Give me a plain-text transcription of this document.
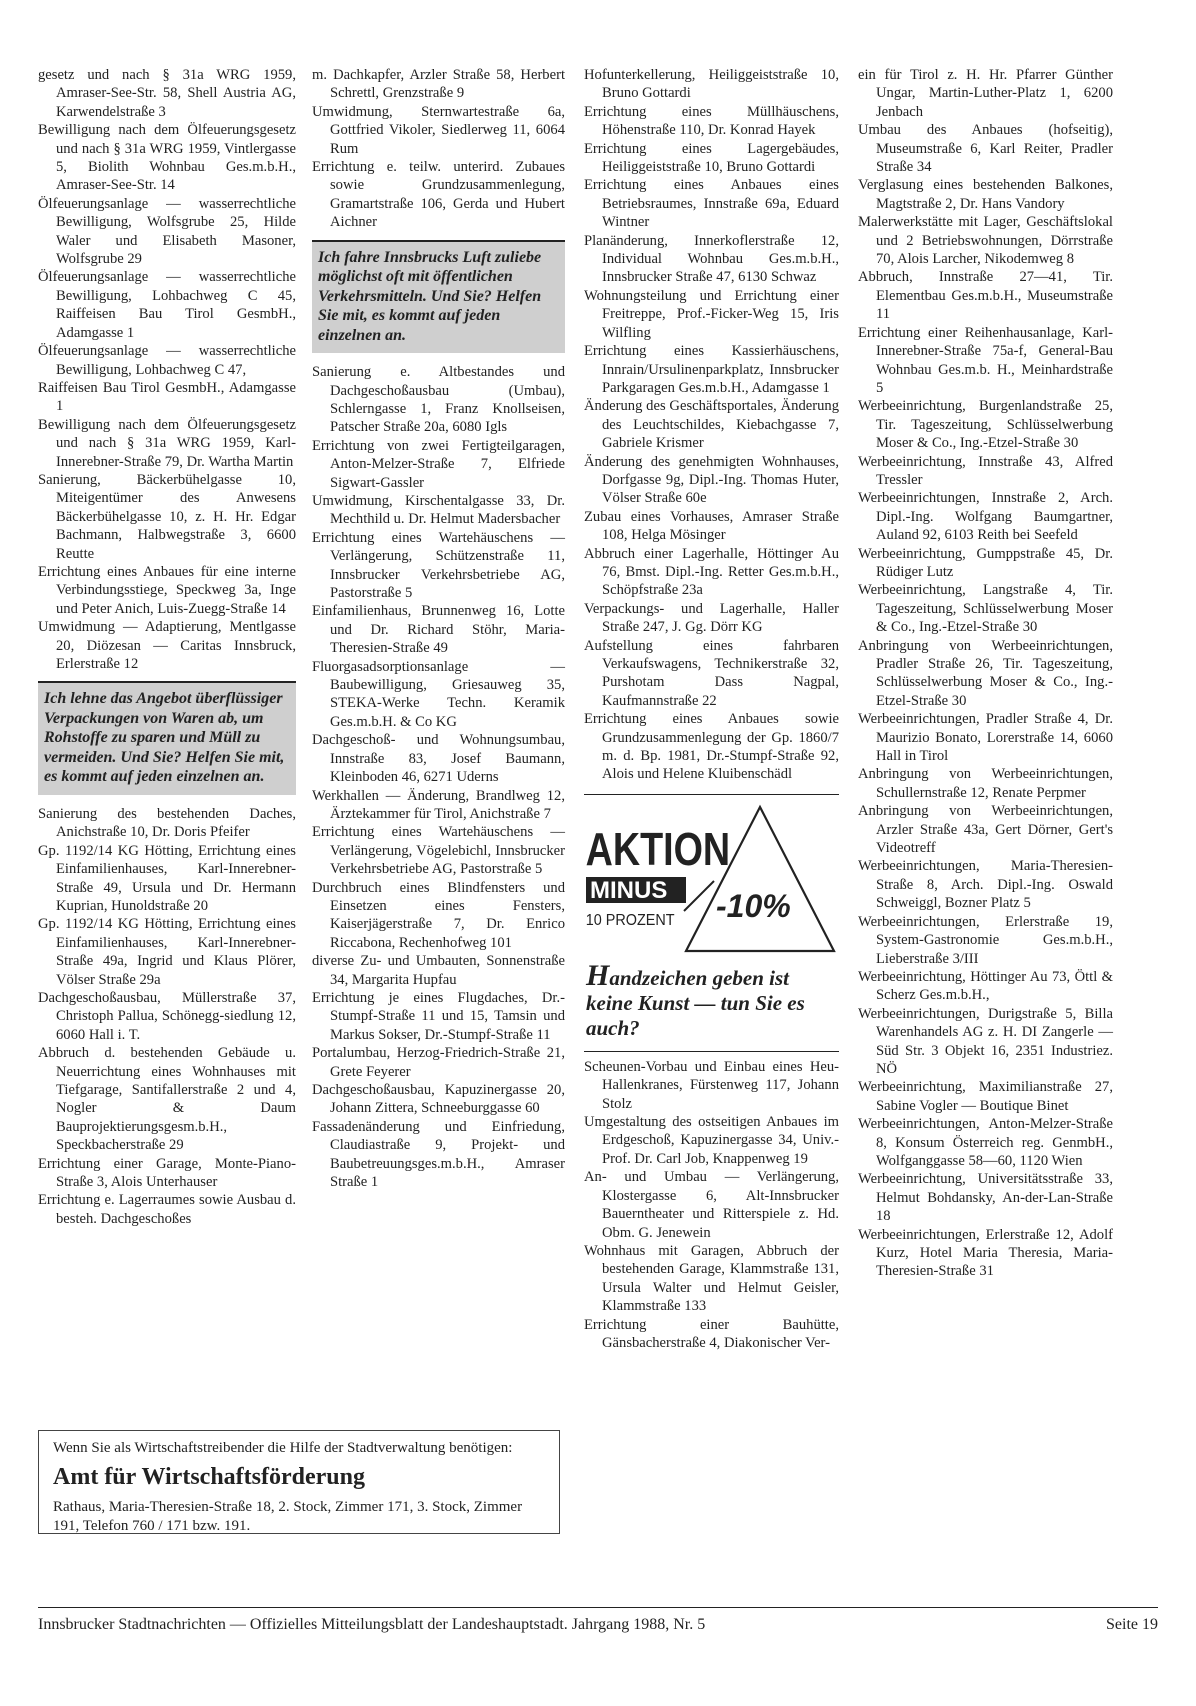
gesetz und nach § 31a WRG 1959, Amraser-See-Str. 58, Shell Austria AG, Karwendelstraße 3
Bewilligung nach dem Ölfeuerungsgesetz und nach § 31a WRG 1959, Vintlergasse 5, Biolith Wohnbau Ges.m.b.H., Amraser-See-Str. 14
Ölfeuerungsanlage — wasserrechtliche Bewilligung, Wolfsgrube 25, Hilde Waler und Elisabeth Masoner, Wolfsgrube 29
Ölfeuerungsanlage — wasserrechtliche Bewilligung, Lohbachweg C 45, Raiffeisen Bau Tirol GesmbH., Adamgasse 1
Ölfeuerungsanlage — wasserrechtliche Bewilligung, Lohbachweg C 47,
Raiffeisen Bau Tirol GesmbH., Adamgasse 1
Bewilligung nach dem Ölfeuerungsgesetz und nach § 31a WRG 1959, Karl-Innerebner-Straße 79, Dr. Wartha Martin
Sanierung, Bäckerbühelgasse 10, Miteigentümer des Anwesens Bäckerbühelgasse 10, z. H. Hr. Edgar Bachmann, Halbwegstraße 3, 6600 Reutte
Errichtung eines Anbaues für eine interne Verbindungsstiege, Speckweg 3a, Inge und Peter Anich, Luis-Zuegg-Straße 14
Umwidmung — Adaptierung, Mentlgasse 20, Diözesan — Caritas Innsbruck, Erlerstraße 12
Ich lehne das Angebot überflüssiger Verpackungen von Waren ab, um Rohstoffe zu sparen und Müll zu vermeiden. Und Sie? Helfen Sie mit, es kommt auf jeden einzelnen an.
Sanierung des bestehenden Daches, Anichstraße 10, Dr. Doris Pfeifer
Gp. 1192/14 KG Hötting, Errichtung eines Einfamilienhauses, Karl-Innerebner-Straße 49, Ursula und Dr. Hermann Kuprian, Hunoldstraße 20
Gp. 1192/14 KG Hötting, Errichtung eines Einfamilienhauses, Karl-Innerebner-Straße 49a, Ingrid und Klaus Plörer, Völser Straße 29a
Dachgeschoßausbau, Müllerstraße 37, Christoph Pallua, Schönegg-siedlung 12, 6060 Hall i. T.
Abbruch d. bestehenden Gebäude u. Neuerrichtung eines Wohnhauses mit Tiefgarage, Santifallerstraße 2 und 4, Nogler & Daum Bauprojektierungsgesm.b.H., Speckbacherstraße 29
Errichtung einer Garage, Monte-Piano-Straße 3, Alois Unterhauser
Errichtung e. Lagerraumes sowie Ausbau d. besteh. Dachgeschoßes
m. Dachkapfer, Arzler Straße 58, Herbert Schrettl, Grenzstraße 9
Umwidmung, Sternwartestraße 6a, Gottfried Vikoler, Siedlerweg 11, 6064 Rum
Errichtung e. teilw. unterird. Zubaues sowie Grundzusammenlegung, Gramartstraße 106, Gerda und Hubert Aichner
Ich fahre Innsbrucks Luft zuliebe möglichst oft mit öffentlichen Verkehrsmitteln. Und Sie? Helfen Sie mit, es kommt auf jeden einzelnen an.
Sanierung e. Altbestandes und Dachgeschoßausbau (Umbau), Schlerngasse 1, Franz Knollseisen, Patscher Straße 20a, 6080 Igls
Errichtung von zwei Fertigteilgaragen, Anton-Melzer-Straße 7, Elfriede Sigwart-Gassler
Umwidmung, Kirschentalgasse 33, Dr. Mechthild u. Dr. Helmut Madersbacher
Errichtung eines Wartehäuschens — Verlängerung, Schützenstraße 11, Innsbrucker Verkehrsbetriebe AG, Pastorstraße 5
Einfamilienhaus, Brunnenweg 16, Lotte und Dr. Richard Stöhr, Maria-Theresien-Straße 49
Fluorgasadsorptionsanlage — Baubewilligung, Griesauweg 35, STEKA-Werke Techn. Keramik Ges.m.b.H. & Co KG
Dachgeschoß- und Wohnungsumbau, Innstraße 83, Josef Baumann, Kleinboden 46, 6271 Uderns
Werkhallen — Änderung, Brandlweg 12, Ärztekammer für Tirol, Anichstraße 7
Errichtung eines Wartehäuschens — Verlängerung, Vögelebichl, Innsbrucker Verkehrsbetriebe AG, Pastorstraße 5
Durchbruch eines Blindfensters und Einsetzen eines Fensters, Kaiserjägerstraße 7, Dr. Enrico Riccabona, Rechenhofweg 101
diverse Zu- und Umbauten, Sonnenstraße 34, Margarita Hupfau
Errichtung je eines Flugdaches, Dr.-Stumpf-Straße 11 und 15, Tamsin und Markus Sokser, Dr.-Stumpf-Straße 11
Portalumbau, Herzog-Friedrich-Straße 21, Grete Feyerer
Dachgeschoßausbau, Kapuzinergasse 20, Johann Zittera, Schneeburggasse 60
Fassadenänderung und Einfriedung, Claudiastraße 9, Projekt- und Baubetreuungsges.m.b.H., Amraser Straße 1
Hofunterkellerung, Heiliggeiststraße 10, Bruno Gottardi
Errichtung eines Müllhäuschens, Höhenstraße 110, Dr. Konrad Hayek
Errichtung eines Lagergebäudes, Heiliggeiststraße 10, Bruno Gottardi
Errichtung eines Anbaues eines Betriebsraumes, Innstraße 69a, Eduard Wintner
Planänderung, Innerkoflerstraße 12, Individual Wohnbau Ges.m.b.H., Innsbrucker Straße 47, 6130 Schwaz
Wohnungsteilung und Errichtung einer Freitreppe, Prof.-Ficker-Weg 15, Iris Wilfling
Errichtung eines Kassierhäuschens, Innrain/Ursulinenparkplatz, Innsbrucker Parkgaragen Ges.m.b.H., Adamgasse 1
Änderung des Geschäftsportales, Änderung des Leuchtschildes, Kiebachgasse 7, Gabriele Krismer
Änderung des genehmigten Wohnhauses, Dorfgasse 9g, Dipl.-Ing. Thomas Huter, Völser Straße 60e
Zubau eines Vorhauses, Amraser Straße 108, Helga Mösinger
Abbruch einer Lagerhalle, Höttinger Au 76, Bmst. Dipl.-Ing. Retter Ges.m.b.H., Schöpfstraße 23a
Verpackungs- und Lagerhalle, Haller Straße 247, J. Gg. Dörr KG
Aufstellung eines fahrbaren Verkaufswagens, Technikerstraße 32, Purshotam Dass Nagpal, Kaufmannstraße 22
Errichtung eines Anbaues sowie Grundzusammenlegung der Gp. 1860/7 m. d. Bp. 1981, Dr.-Stumpf-Straße 92, Alois und Helene Kluibenschädl
AKTION
MINUS
10 PROZENT -10%
Handzeichen geben ist keine Kunst — tun Sie es auch?
Scheunen-Vorbau und Einbau eines Heu-Hallenkranes, Fürstenweg 117, Johann Stolz
Umgestaltung des ostseitigen Anbaues im Erdgeschoß, Kapuzinergasse 34, Univ.-Prof. Dr. Carl Job, Knappenweg 19
An- und Umbau — Verlängerung, Klostergasse 6, Alt-Innsbrucker Bauerntheater und Ritterspiele z. Hd. Obm. G. Jenewein
Wohnhaus mit Garagen, Abbruch der bestehenden Garage, Klammstraße 131, Ursula Walter und Helmut Geisler, Klammstraße 133
Errichtung einer Bauhütte, Gänsbacherstraße 4, Diakonischer Ver-
ein für Tirol z. H. Hr. Pfarrer Günther Ungar, Martin-Luther-Platz 1, 6200 Jenbach
Umbau des Anbaues (hofseitig), Museumstraße 6, Karl Reiter, Pradler Straße 34
Verglasung eines bestehenden Balkones, Magtstraße 2, Dr. Hans Vandory
Malerwerkstätte mit Lager, Geschäftslokal und 2 Betriebswohnungen, Dörrstraße 70, Alois Larcher, Nikodemweg 8
Abbruch, Innstraße 27—41, Tir. Elementbau Ges.m.b.H., Museumstraße 11
Errichtung einer Reihenhausanlage, Karl-Innerebner-Straße 75a-f, General-Bau Wohnbau Ges.m.b. H., Meinhardstraße 5
Werbeeinrichtung, Burgenlandstraße 25, Tir. Tageszeitung, Schlüsselwerbung Moser & Co., Ing.-Etzel-Straße 30
Werbeeinrichtung, Innstraße 43, Alfred Tressler
Werbeeinrichtungen, Innstraße 2, Arch. Dipl.-Ing. Wolfgang Baumgartner, Auland 92, 6103 Reith bei Seefeld
Werbeeinrichtung, Gumppstraße 45, Dr. Rüdiger Lutz
Werbeeinrichtung, Langstraße 4, Tir. Tageszeitung, Schlüsselwerbung Moser & Co., Ing.-Etzel-Straße 30
Anbringung von Werbeeinrichtungen, Pradler Straße 26, Tir. Tageszeitung, Schlüsselwerbung Moser & Co., Ing.-Etzel-Straße 30
Werbeeinrichtungen, Pradler Straße 4, Dr. Maurizio Bonato, Lorerstraße 14, 6060 Hall in Tirol
Anbringung von Werbeeinrichtungen, Schullernstraße 12, Renate Perpmer
Anbringung von Werbeeinrichtungen, Arzler Straße 43a, Gert Dörner, Gert's Videotreff
Werbeeinrichtungen, Maria-Theresien-Straße 8, Arch. Dipl.-Ing. Oswald Schweiggl, Bozner Platz 5
Werbeeinrichtungen, Erlerstraße 19, System-Gastronomie Ges.m.b.H., Lieberstraße 3/III
Werbeeinrichtung, Höttinger Au 73, Öttl & Scherz Ges.m.b.H.,
Werbeeinrichtungen, Durigstraße 5, Billa Warenhandels AG z. H. DI Zangerle — Süd Str. 3 Objekt 16, 2351 Industriez. NÖ
Werbeeinrichtung, Maximilianstraße 27, Sabine Vogler — Boutique Binet
Werbeeinrichtungen, Anton-Melzer-Straße 8, Konsum Österreich reg. GenmbH., Wolfganggasse 58—60, 1120 Wien
Werbeeinrichtung, Universitätsstraße 33, Helmut Bohdansky, An-der-Lan-Straße 18
Werbeeinrichtungen, Erlerstraße 12, Adolf Kurz, Hotel Maria Theresia, Maria-Theresien-Straße 31
Wenn Sie als Wirtschaftstreibender die Hilfe der Stadtverwaltung benötigen:
Amt für Wirtschaftsförderung
Rathaus, Maria-Theresien-Straße 18, 2. Stock, Zimmer 171, 3. Stock, Zimmer 191, Telefon 760 / 171 bzw. 191.
Innsbrucker Stadtnachrichten — Offizielles Mitteilungsblatt der Landeshauptstadt. Jahrgang 1988, Nr. 5	Seite 19
